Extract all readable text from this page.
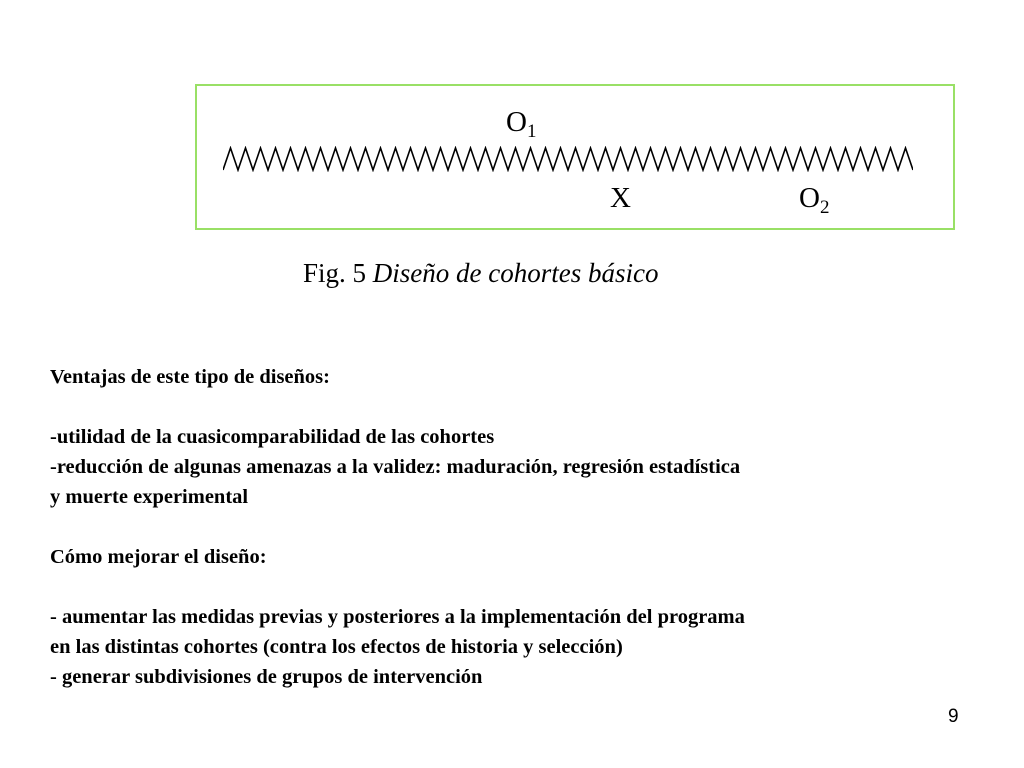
$O_1$
X	$O_2$
Fig. 5 Diseño de cohortes básico
Ventajas de este tipo de diseños:
-utilidad de la cuasicomparabilidad de las cohortes
-reducción de algunas amenazas a la validez: maduración, regresión estadística
y muerte experimental
Cómo mejorar el diseño:
- aumentar las medidas previas y posteriores a la implementación del programa
en las distintas cohortes (contra los efectos de historia y selección)
- generar subdivisiones de grupos de intervención
9
